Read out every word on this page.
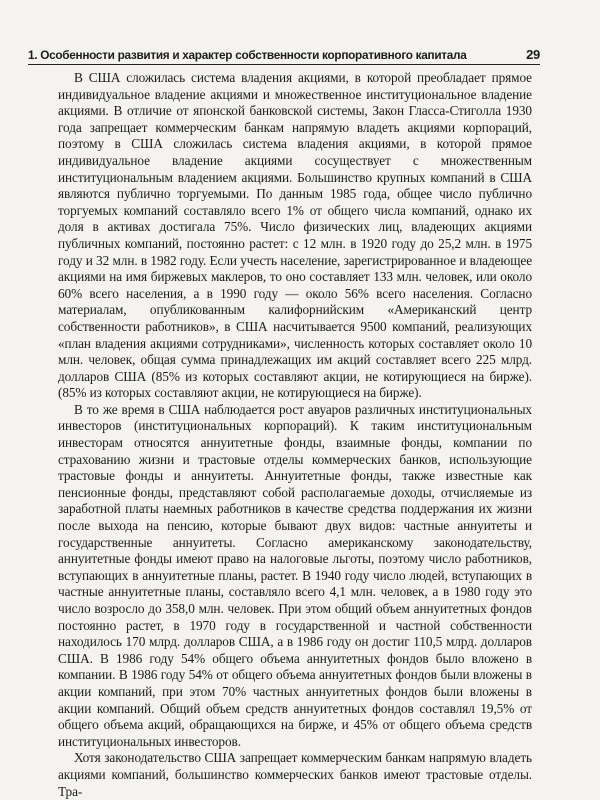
1. Особенности развития и характер собственности корпоративного капитала	29

В США сложилась система владения акциями, в которой преобладает прямое индивидуальное владение акциями и множественное институциональное владение акциями. В отличие от японской банковской системы, Закон Гласса-Стиголла 1930 года запрещает коммерческим банкам напрямую владеть акциями корпораций, поэтому в США сложилась система владения акциями, в которой прямое индивидуальное владение акциями сосуществует с множественным институциональным владением акциями. Большинство крупных компаний в США являются публично торгуемыми. По данным 1985 года, общее число публично торгуемых компаний составляло всего 1% от общего числа компаний, однако их доля в активах достигала 75%. Число физических лиц, владеющих акциями публичных компаний, постоянно растет: с 12 млн. в 1920 году до 25,2 млн. в 1975 году и 32 млн. в 1982 году. Если учесть население, зарегистрированное и владеющее акциями на имя биржевых маклеров, то оно составляет 133 млн. человек, или около 60% всего населения, а в 1990 году — около 56% всего населения. Согласно материалам, опубликованным калифорнийским «Американский центр собственности работников», в США насчитывается 9500 компаний, реализующих «план владения акциями сотрудниками», численность которых составляет около 10 млн. человек, общая сумма принадлежащих им акций составляет всего 225 млрд. долларов США (85% из которых составляют акции, не котирующиеся на бирже). (85% из которых составляют акции, не котирующиеся на бирже).

В то же время в США наблюдается рост авуаров различных институциональных инвесторов (институциональных корпораций). К таким институциональным инвесторам относятся аннуитетные фонды, взаимные фонды, компании по страхованию жизни и трастовые отделы коммерческих банков, использующие трастовые фонды и аннуитеты. Аннуитетные фонды, также известные как пенсионные фонды, представляют собой располагаемые доходы, отчисляемые из заработной платы наемных работников в качестве средства поддержания их жизни после выхода на пенсию, которые бывают двух видов: частные аннуитеты и государственные аннуитеты. Согласно американскому законодательству, аннуитетные фонды имеют право на налоговые льготы, поэтому число работников, вступающих в аннуитетные планы, растет. В 1940 году число людей, вступающих в частные аннуитетные планы, составляло всего 4,1 млн. человек, а в 1980 году это число возросло до 358,0 млн. человек. При этом общий объем аннуитетных фондов постоянно растет, в 1970 году в государственной и частной собственности находилось 170 млрд. долларов США, а в 1986 году он достиг 110,5 млрд. долларов США. В 1986 году 54% общего объема аннуитетных фондов было вложено в компании. В 1986 году 54% от общего объема аннуитетных фондов были вложены в акции компаний, при этом 70% частных аннуитетных фондов были вложены в акции компаний. Общий объем средств аннуитетных фондов составлял 19,5% от общего объема акций, обращающихся на бирже, и 45% от общего объема средств институциональных инвесторов.

Хотя законодательство США запрещает коммерческим банкам напрямую владеть акциями компаний, большинство коммерческих банков имеют трастовые отделы. Тра-
